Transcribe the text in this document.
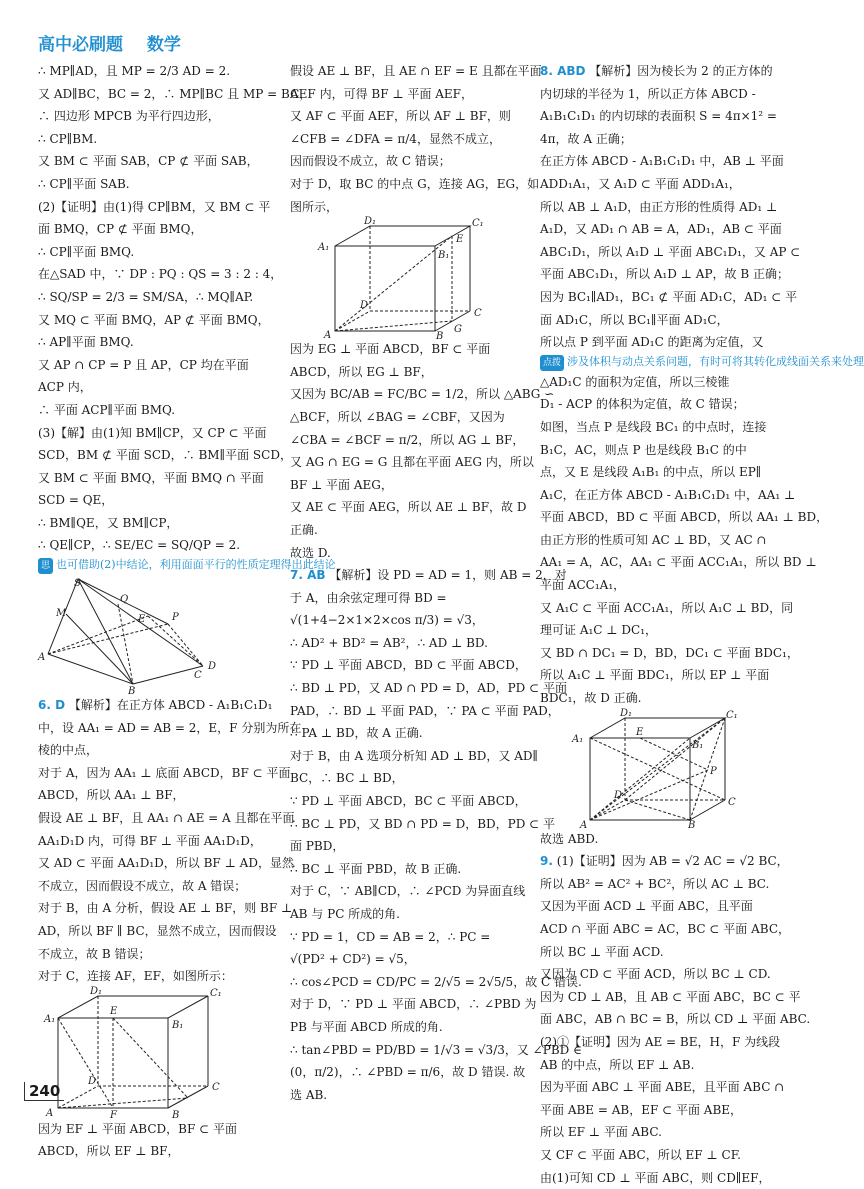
高中必刷题 数学
∴ MP∥AD，且 MP = 2/3 AD = 2.
又 AD∥BC，BC = 2，∴ MP∥BC 且 MP = BC，
∴ 四边形 MPCB 为平行四边形，
∴ CP∥BM.
又 BM ⊂ 平面 SAB，CP ⊄ 平面 SAB，
∴ CP∥平面 SAB.
(2)【证明】由(1)得 CP∥BM，又 BM ⊂ 平
面 BMQ，CP ⊄ 平面 BMQ，
∴ CP∥平面 BMQ.
在△SAD 中，∵ DP : PQ : QS = 3 : 2 : 4，
∴ SQ/SP = 2/3 = SM/SA，∴ MQ∥AP.
又 MQ ⊂ 平面 BMQ，AP ⊄ 平面 BMQ，
∴ AP∥平面 BMQ.
又 AP ∩ CP = P 且 AP，CP 均在平面
ACP 内，
∴ 平面 ACP∥平面 BMQ.
(3)【解】由(1)知 BM∥CP，又 CP ⊂ 平面
SCD，BM ⊄ 平面 SCD，∴ BM∥平面 SCD，
又 BM ⊂ 平面 BMQ，平面 BMQ ∩ 平面
SCD = QE，
∴ BM∥QE，又 BM∥CP，
∴ QE∥CP，∴ SE/EC = SQ/QP = 2.
思 也可借助(2)中结论，利用面面平行的性质定理得出此结论
S
M
Q
E	P
D
A
B
C
6. D 【解析】在正方体 ABCD - A₁B₁C₁D₁
中，设 AA₁ = AD = AB = 2，E，F 分别为所在
棱的中点，
对于 A，因为 AA₁ ⊥ 底面 ABCD，BF ⊂ 平面
ABCD，所以 AA₁ ⊥ BF，
假设 AE ⊥ BF，且 AA₁ ∩ AE = A 且都在平面
AA₁D₁D 内，可得 BF ⊥ 平面 AA₁D₁D，
又 AD ⊂ 平面 AA₁D₁D，所以 BF ⊥ AD，显然
不成立，因而假设不成立，故 A 错误；
对于 B，由 A 分析，假设 AE ⊥ BF，则 BF ⊥
AD，所以 BF ∥ BC，显然不成立，因而假设
不成立，故 B 错误；
对于 C，连接 AF，EF，如图所示：
A₁
E
B₁
D₁	C₁
A	F
D
C
B
因为 EF ⊥ 平面 ABCD，BF ⊂ 平面
ABCD，所以 EF ⊥ BF，
假设 AE ⊥ BF，且 AE ∩ EF = E 且都在平面
AEF 内，可得 BF ⊥ 平面 AEF，
又 AF ⊂ 平面 AEF，所以 AF ⊥ BF，则
∠CFB = ∠DFA = π/4，显然不成立，
因而假设不成立，故 C 错误；
对于 D，取 BC 的中点 G，连接 AG，EG，如
图所示，
D₁	C₁
A₁
B₁
E
D
C
A
G
B
因为 EG ⊥ 平面 ABCD，BF ⊂ 平面
ABCD，所以 EG ⊥ BF，
又因为 BC/AB = FC/BC = 1/2，所以 △ABG ∽
△BCF，所以 ∠BAG = ∠CBF，又因为
∠CBA = ∠BCF = π/2，所以 AG ⊥ BF，
又 AG ∩ EG = G 且都在平面 AEG 内，所以
BF ⊥ 平面 AEG，
又 AE ⊂ 平面 AEG，所以 AE ⊥ BF，故 D
正确.
故选 D.
7. AB 【解析】设 PD = AD = 1，则 AB = 2，对
于 A，由余弦定理可得 BD =
√(1+4−2×1×2×cos π/3) = √3，
∴ AD² + BD² = AB²，∴ AD ⊥ BD.
∵ PD ⊥ 平面 ABCD，BD ⊂ 平面 ABCD，
∴ BD ⊥ PD，又 AD ∩ PD = D，AD，PD ⊂ 平面
PAD，∴ BD ⊥ 平面 PAD，∵ PA ⊂ 平面 PAD，
∴ PA ⊥ BD，故 A 正确.
对于 B，由 A 选项分析知 AD ⊥ BD，又 AD∥
BC，∴ BC ⊥ BD，
∵ PD ⊥ 平面 ABCD，BC ⊂ 平面 ABCD，
∴ BC ⊥ PD，又 BD ∩ PD = D，BD，PD ⊂ 平
面 PBD，
∴ BC ⊥ 平面 PBD，故 B 正确.
对于 C，∵ AB∥CD，∴ ∠PCD 为异面直线
AB 与 PC 所成的角.
∵ PD = 1，CD = AB = 2，∴ PC =
√(PD² + CD²) = √5，
∴ cos∠PCD = CD/PC = 2/√5 = 2√5/5，故 C 错误.
对于 D，∵ PD ⊥ 平面 ABCD，∴ ∠PBD 为
PB 与平面 ABCD 所成的角.
∴ tan∠PBD = PD/BD = 1/√3 = √3/3，又 ∠PBD ∈
(0，π/2)，∴ ∠PBD = π/6，故 D 错误. 故
选 AB.
8. ABD 【解析】因为棱长为 2 的正方体的
内切球的半径为 1，所以正方体 ABCD -
A₁B₁C₁D₁ 的内切球的表面积 S = 4π×1² =
4π，故 A 正确；
在正方体 ABCD - A₁B₁C₁D₁ 中，AB ⊥ 平面
ADD₁A₁，又 A₁D ⊂ 平面 ADD₁A₁，
所以 AB ⊥ A₁D，由正方形的性质得 AD₁ ⊥
A₁D，又 AD₁ ∩ AB = A，AD₁，AB ⊂ 平面
ABC₁D₁，所以 A₁D ⊥ 平面 ABC₁D₁，又 AP ⊂
平面 ABC₁D₁，所以 A₁D ⊥ AP，故 B 正确；
因为 BC₁∥AD₁，BC₁ ⊄ 平面 AD₁C，AD₁ ⊂ 平
面 AD₁C，所以 BC₁∥平面 AD₁C，
所以点 P 到平面 AD₁C 的距离为定值，又
点拨 涉及体积与动点关系问题，有时可将其转化成线面关系来处理
△AD₁C 的面积为定值，所以三棱锥
D₁ - ACP 的体积为定值，故 C 错误；
如图，当点 P 是线段 BC₁ 的中点时，连接
B₁C，AC，则点 P 也是线段 B₁C 的中
点，又 E 是线段 A₁B₁ 的中点，所以 EP∥
A₁C，在正方体 ABCD - A₁B₁C₁D₁ 中，AA₁ ⊥
平面 ABCD，BD ⊂ 平面 ABCD，所以 AA₁ ⊥ BD，
由正方形的性质可知 AC ⊥ BD，又 AC ∩
AA₁ = A，AC，AA₁ ⊂ 平面 ACC₁A₁，所以 BD ⊥
平面 ACC₁A₁，
又 A₁C ⊂ 平面 ACC₁A₁，所以 A₁C ⊥ BD，同
理可证 A₁C ⊥ DC₁，
又 BD ∩ DC₁ = D，BD，DC₁ ⊂ 平面 BDC₁，
所以 A₁C ⊥ 平面 BDC₁，所以 EP ⊥ 平面
BDC₁，故 D 正确.
D₁	C₁
A₁
E
B₁
P
D
C
A	B
故选 ABD.
9. (1)【证明】因为 AB = √2 AC = √2 BC，
所以 AB² = AC² + BC²，所以 AC ⊥ BC.
又因为平面 ACD ⊥ 平面 ABC，且平面
ACD ∩ 平面 ABC = AC，BC ⊂ 平面 ABC，
所以 BC ⊥ 平面 ACD.
又因为 CD ⊂ 平面 ACD，所以 BC ⊥ CD.
因为 CD ⊥ AB，且 AB ⊂ 平面 ABC，BC ⊂ 平
面 ABC，AB ∩ BC = B，所以 CD ⊥ 平面 ABC.
(2)①【证明】因为 AE = BE，H，F 为线段
AB 的中点，所以 EF ⊥ AB.
因为平面 ABC ⊥ 平面 ABE，且平面 ABC ∩
平面 ABE = AB，EF ⊂ 平面 ABE，
所以 EF ⊥ 平面 ABC.
又 CF ⊂ 平面 ABC，所以 EF ⊥ CF.
由(1)可知 CD ⊥ 平面 ABC，则 CD∥EF，
240
